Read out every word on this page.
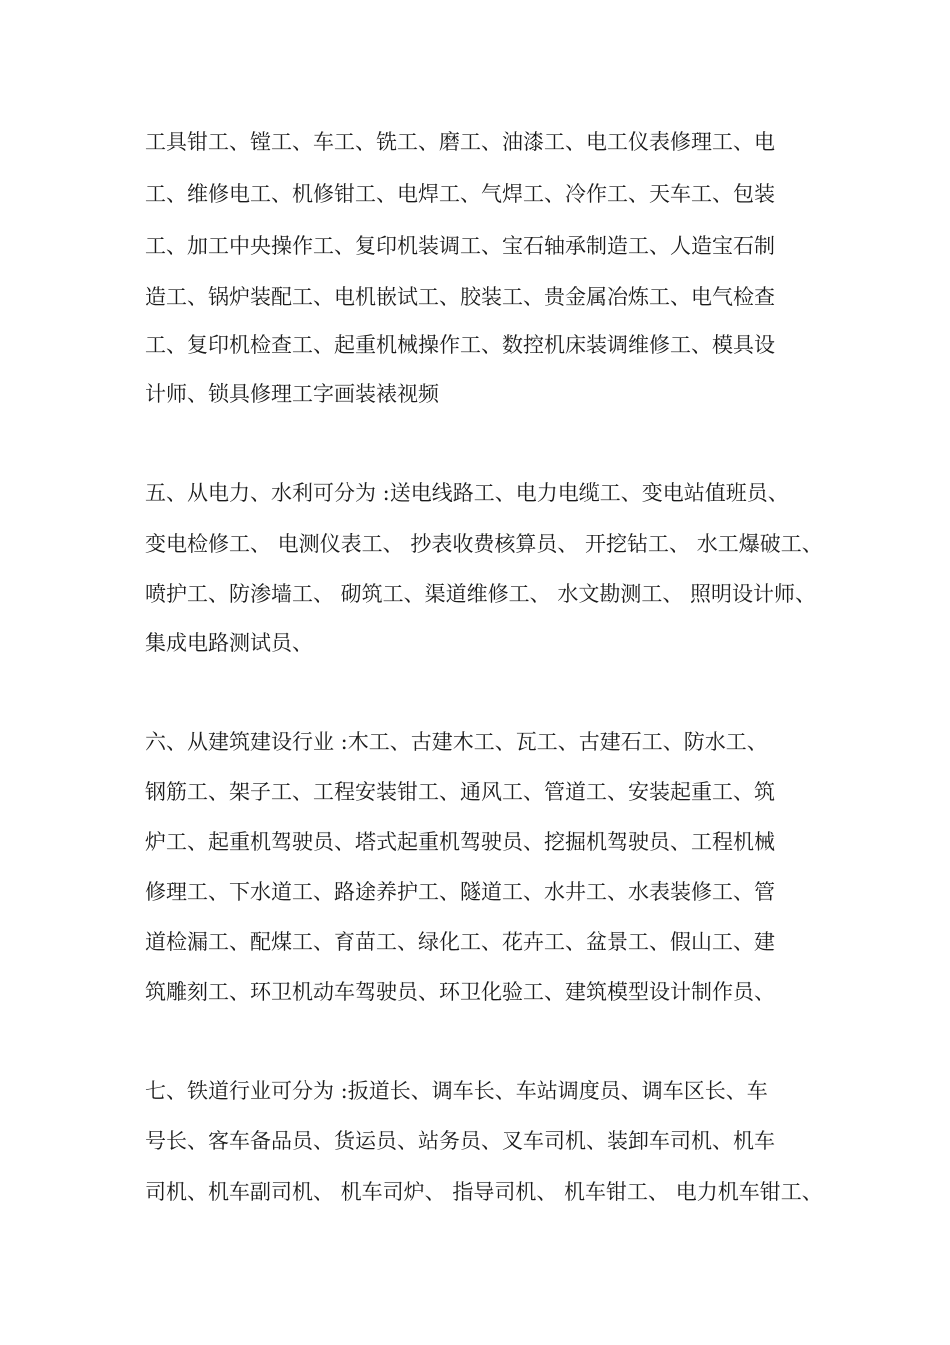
工具钳工、镗工、车工、铣工、磨工、油漆工、电工仪表修理工、电
工、维修电工、机修钳工、电焊工、气焊工、冷作工、天车工、包装
工、加工中央操作工、复印机装调工、宝石轴承制造工、人造宝石制
造工、锅炉装配工、电机嵌试工、胶装工、贵金属冶炼工、电气检查
工、复印机检查工、起重机械操作工、数控机床装调维修工、模具设
计师、锁具修理工字画装裱视频
五、从电力、水利可分为 :送电线路工、电力电缆工、变电站值班员、
变电检修工、 电测仪表工、 抄表收费核算员、 开挖钻工、 水工爆破工、
喷护工、防渗墙工、 砌筑工、渠道维修工、 水文勘测工、 照明设计师、
集成电路测试员、
六、从建筑建设行业 :木工、古建木工、瓦工、古建石工、防水工、
钢筋工、架子工、工程安装钳工、通风工、管道工、安装起重工、筑
炉工、起重机驾驶员、塔式起重机驾驶员、挖掘机驾驶员、工程机械
修理工、下水道工、路途养护工、隧道工、水井工、水表装修工、管
道检漏工、配煤工、育苗工、绿化工、花卉工、盆景工、假山工、建
筑雕刻工、环卫机动车驾驶员、环卫化验工、建筑模型设计制作员、
七、铁道行业可分为 :扳道长、调车长、车站调度员、调车区长、车
号长、客车备品员、货运员、站务员、叉车司机、装卸车司机、机车
司机、机车副司机、 机车司炉、 指导司机、 机车钳工、 电力机车钳工、
